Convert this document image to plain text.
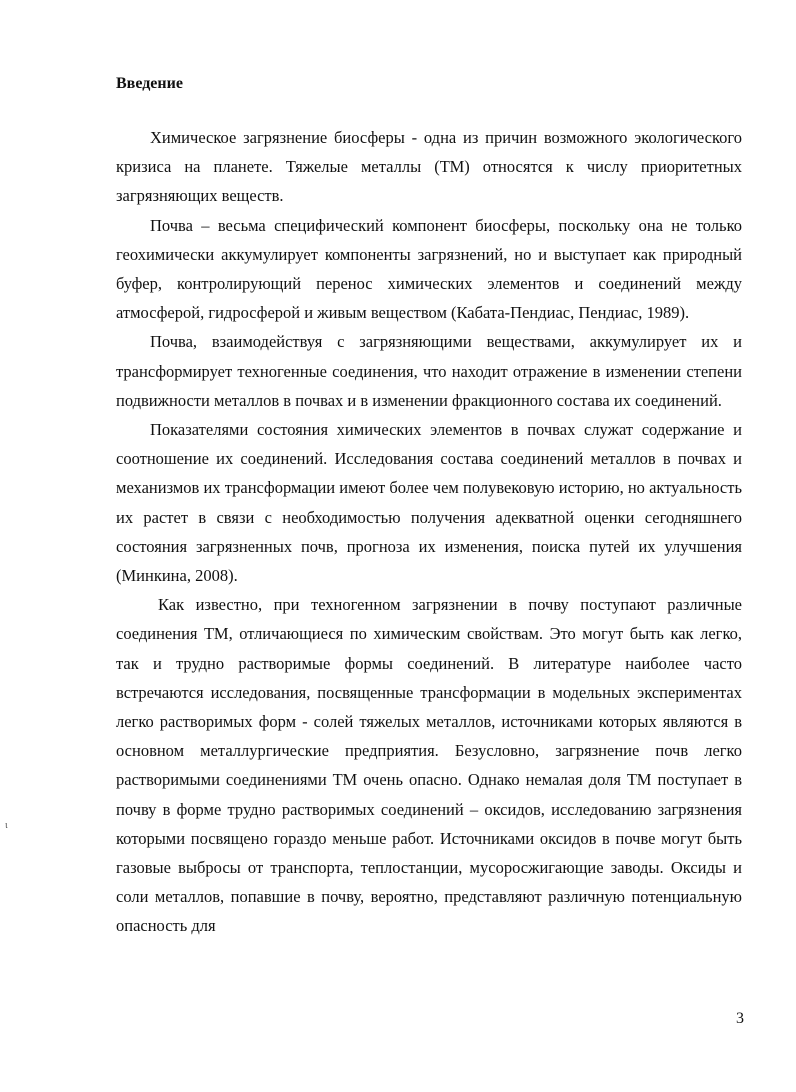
Введение

Химическое загрязнение биосферы - одна из причин возможного экологического кризиса на планете. Тяжелые металлы (ТМ) относятся к числу приоритетных загрязняющих веществ.

Почва – весьма специфический компонент биосферы, поскольку она не только геохимически аккумулирует компоненты загрязнений, но и выступает как природный буфер, контролирующий перенос химических элементов и соединений между атмосферой, гидросферой и живым веществом (Кабата-Пендиас, Пендиас, 1989).

Почва, взаимодействуя с загрязняющими веществами, аккумулирует их и трансформирует техногенные соединения, что находит отражение в изменении степени подвижности металлов в почвах и в изменении фракционного состава их соединений.

Показателями состояния химических элементов в почвах служат содержание и соотношение их соединений. Исследования состава соединений металлов в почвах и механизмов их трансформации имеют более чем полувековую историю, но актуальность их растет в связи с необходимостью получения адекватной оценки сегодняшнего состояния загрязненных почв, прогноза их изменения, поиска путей их улучшения (Минкина, 2008).

Как известно, при техногенном загрязнении в почву поступают различные соединения ТМ, отличающиеся по химическим свойствам. Это могут быть как легко, так и трудно растворимые формы соединений. В литературе наиболее часто встречаются исследования, посвященные трансформации в модельных экспериментах легко растворимых форм - солей тяжелых металлов, источниками которых являются в основном металлургические предприятия. Безусловно, загрязнение почв легко растворимыми соединениями ТМ очень опасно. Однако немалая доля ТМ поступает в почву в форме трудно растворимых соединений – оксидов, исследованию загрязнения которыми посвящено гораздо меньше работ. Источниками оксидов в почве могут быть газовые выбросы от транспорта, теплостанции, мусоросжигающие заводы. Оксиды и соли металлов, попавшие в почву, вероятно, представляют различную потенциальную опасность для

ι
3
